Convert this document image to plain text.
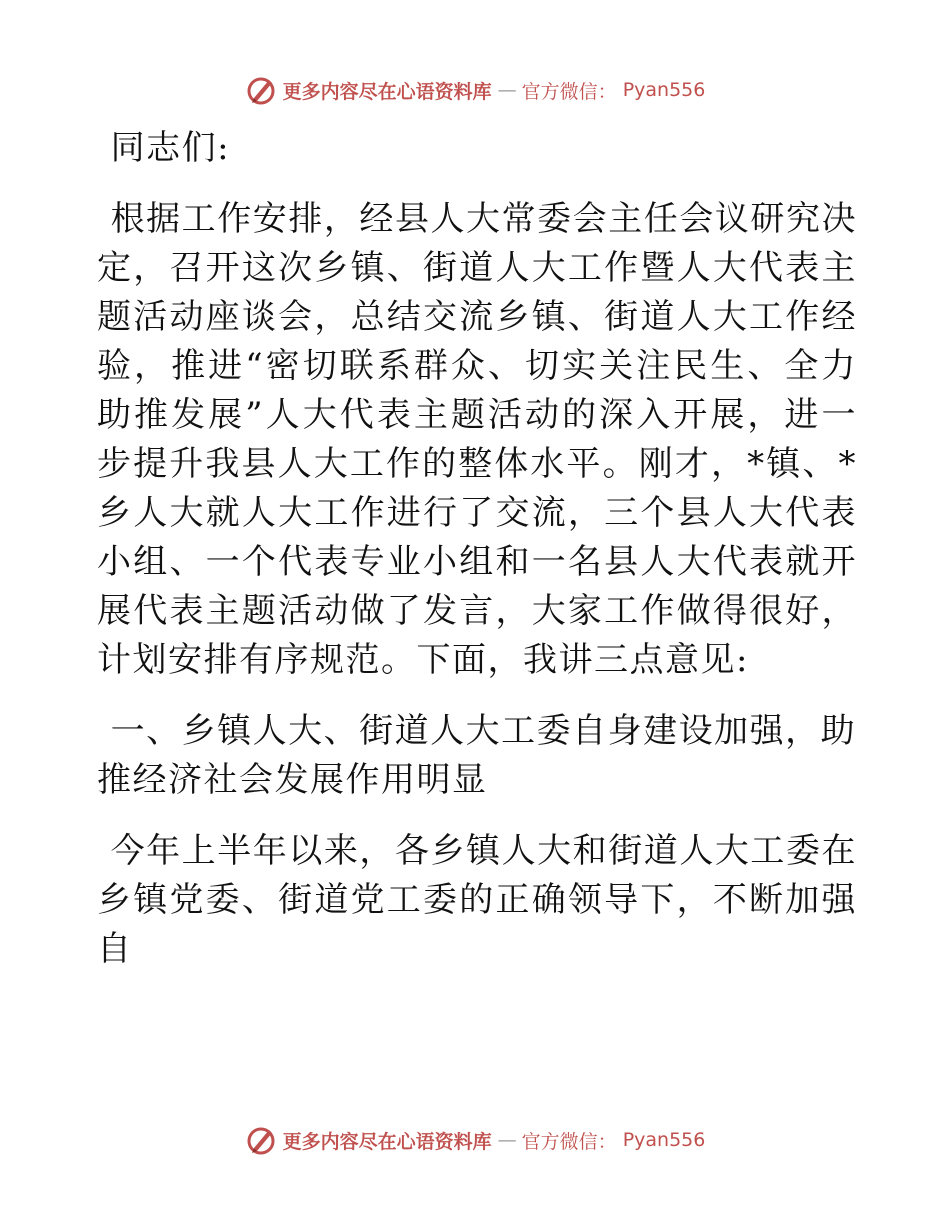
更多内容尽在心语资料库 — 官方微信： Pyan556

同志们:

根据工作安排，经县人大常委会主任会议研究决定，召开这次乡镇、街道人大工作暨人大代表主题活动座谈会，总结交流乡镇、街道人大工作经验，推进“密切联系群众、切实关注民生、全力助推发展”人大代表主题活动的深入开展，进一步提升我县人大工作的整体水平。刚才，*镇、*乡人大就人大工作进行了交流，三个县人大代表小组、一个代表专业小组和一名县人大代表就开展代表主题活动做了发言，大家工作做得很好，计划安排有序规范。下面，我讲三点意见:

一、乡镇人大、街道人大工委自身建设加强，助推经济社会发展作用明显

今年上半年以来，各乡镇人大和街道人大工委在乡镇党委、街道党工委的正确领导下，不断加强自

更多内容尽在心语资料库 — 官方微信： Pyan556
